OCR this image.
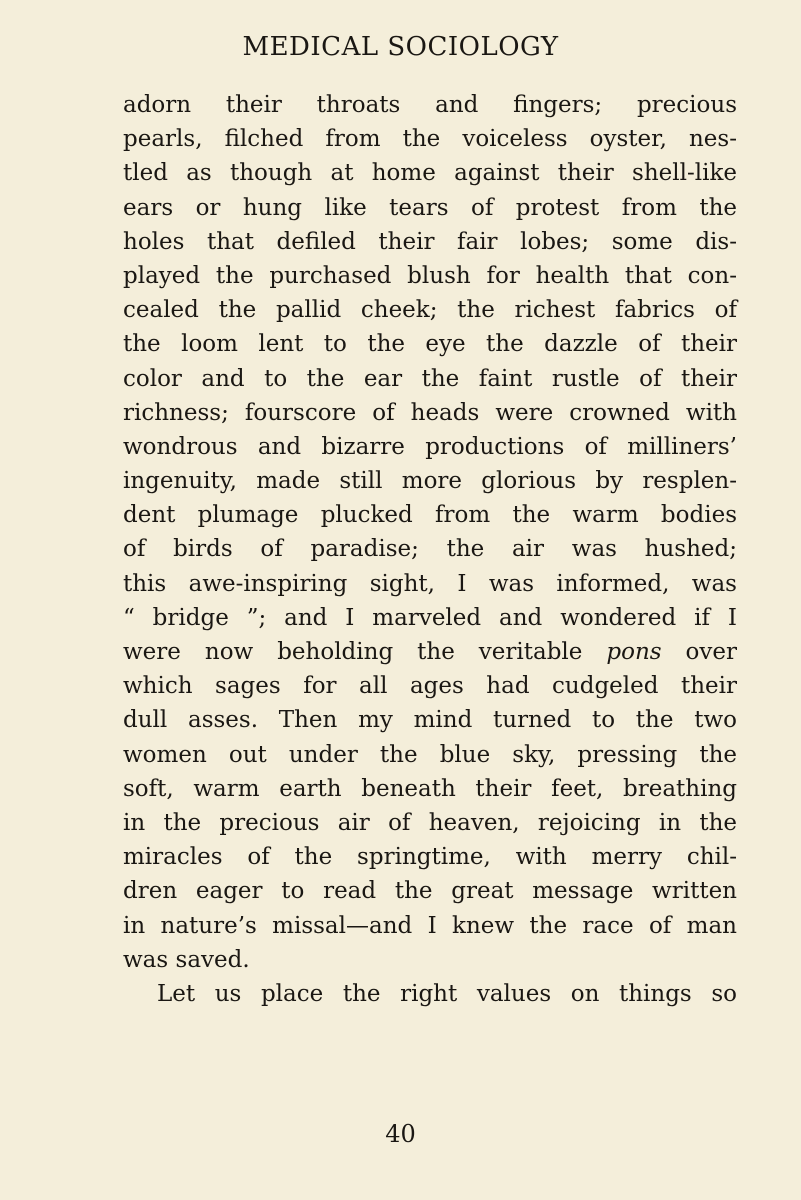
MEDICAL SOCIOLOGY
adorn their throats and fingers; precious
pearls, filched from the voiceless oyster, nes-
tled as though at home against their shell-like
ears or hung like tears of protest from the
holes that defiled their fair lobes; some dis-
played the purchased blush for health that con-
cealed the pallid cheek; the richest fabrics of
the loom lent to the eye the dazzle of their
color and to the ear the faint rustle of their
richness; fourscore of heads were crowned with
wondrous and bizarre productions of milliners’
ingenuity, made still more glorious by resplen-
dent plumage plucked from the warm bodies
of birds of paradise; the air was hushed;
this awe-inspiring sight, I was informed, was
“ bridge ”; and I marveled and wondered if I
were now beholding the veritable pons over
which sages for all ages had cudgeled their
dull asses. Then my mind turned to the two
women out under the blue sky, pressing the
soft, warm earth beneath their feet, breathing
in the precious air of heaven, rejoicing in the
miracles of the springtime, with merry chil-
dren eager to read the great message written
in nature’s missal—and I knew the race of man
was saved.
Let us place the right values on things so
40
